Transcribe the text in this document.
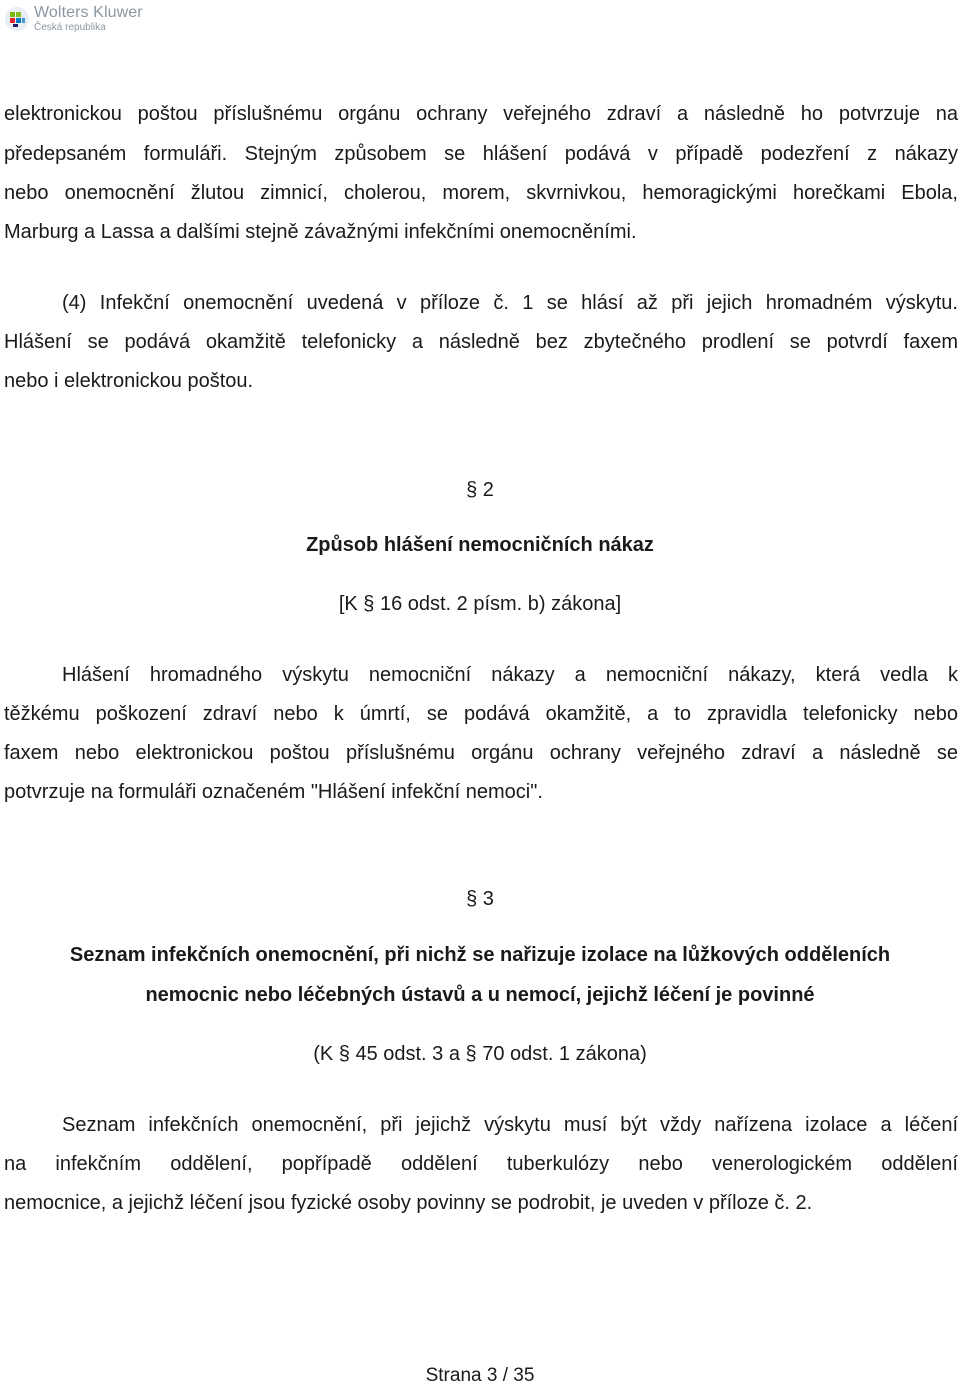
Wolters Kluwer
Česká republika
elektronickou poštou příslušnému orgánu ochrany veřejného zdraví a následně ho potvrzuje na
předepsaném formuláři. Stejným způsobem se hlášení podává v případě podezření z nákazy
nebo onemocnění žlutou zimnicí, cholerou, morem, skvrnivkou, hemoragickými horečkami Ebola,
Marburg a Lassa a dalšími stejně závažnými infekčními onemocněními.
(4) Infekční onemocnění uvedená v příloze č. 1 se hlásí až při jejich hromadném výskytu.
Hlášení se podává okamžitě telefonicky a následně bez zbytečného prodlení se potvrdí faxem
nebo i elektronickou poštou.
§ 2
Způsob hlášení nemocničních nákaz
[K § 16 odst. 2 písm. b) zákona]
Hlášení hromadného výskytu nemocniční nákazy a nemocniční nákazy, která vedla k
těžkému poškození zdraví nebo k úmrtí, se podává okamžitě, a to zpravidla telefonicky nebo
faxem nebo elektronickou poštou příslušnému orgánu ochrany veřejného zdraví a následně se
potvrzuje na formuláři označeném "Hlášení infekční nemoci".
§ 3
Seznam infekčních onemocnění, při nichž se nařizuje izolace na lůžkových odděleních
nemocnic nebo léčebných ústavů a u nemocí, jejichž léčení je povinné
(K § 45 odst. 3 a § 70 odst. 1 zákona)
Seznam infekčních onemocnění, při jejichž výskytu musí být vždy nařízena izolace a léčení
na infekčním oddělení, popřípadě oddělení tuberkulózy nebo venerologickém oddělení
nemocnice, a jejichž léčení jsou fyzické osoby povinny se podrobit, je uveden v příloze č. 2.
Strana 3 / 35
